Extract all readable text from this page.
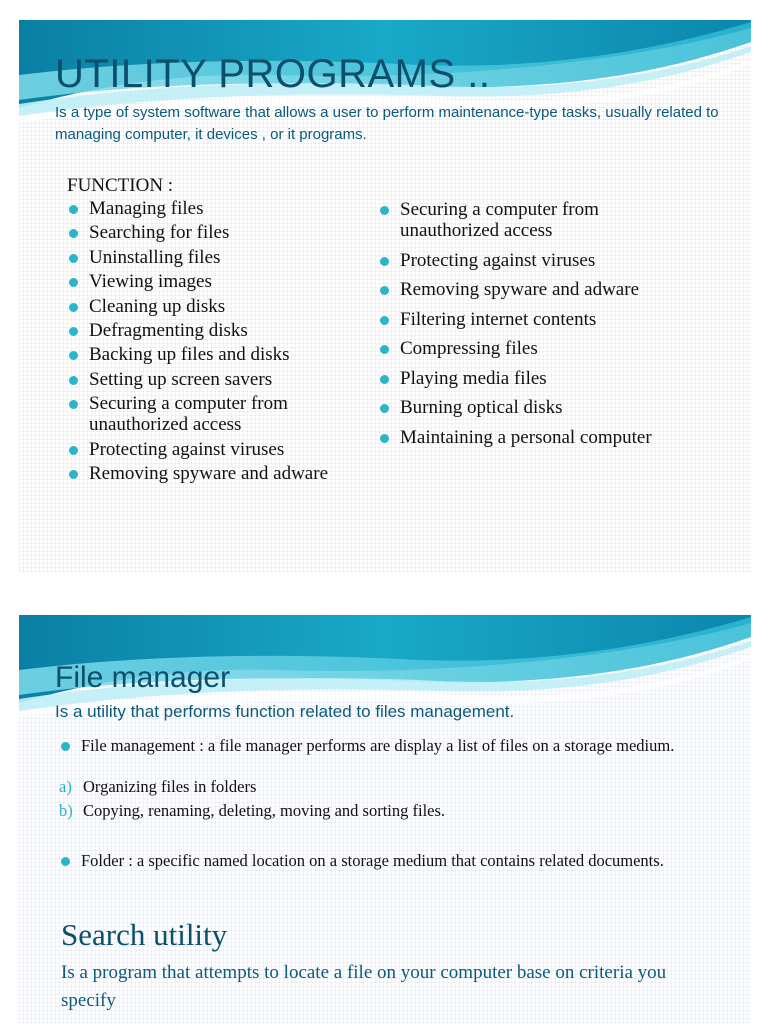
UTILITY PROGRAMS ..
Is a type of system software that allows a user to perform maintenance-type tasks, usually related to managing computer, it devices , or it programs.
FUNCTION :
Managing files
Searching for files
Uninstalling files
Viewing images
Cleaning up disks
Defragmenting disks
Backing up files and disks
Setting up screen savers
Securing a computer from unauthorized access
Protecting against viruses
Removing spyware and adware
Securing a computer from unauthorized access
Protecting against viruses
Removing spyware and adware
Filtering internet contents
Compressing files
Playing media files
Burning optical disks
Maintaining a personal computer
File manager
Is a utility that performs function related to files management.
File management : a file manager performs are display a list of files on a storage medium.
a) Organizing files in folders
b) Copying, renaming, deleting, moving and sorting files.
Folder : a specific named location on a storage medium that contains related documents.
Search utility
Is a program that attempts to locate a file on your computer base on criteria you specify
